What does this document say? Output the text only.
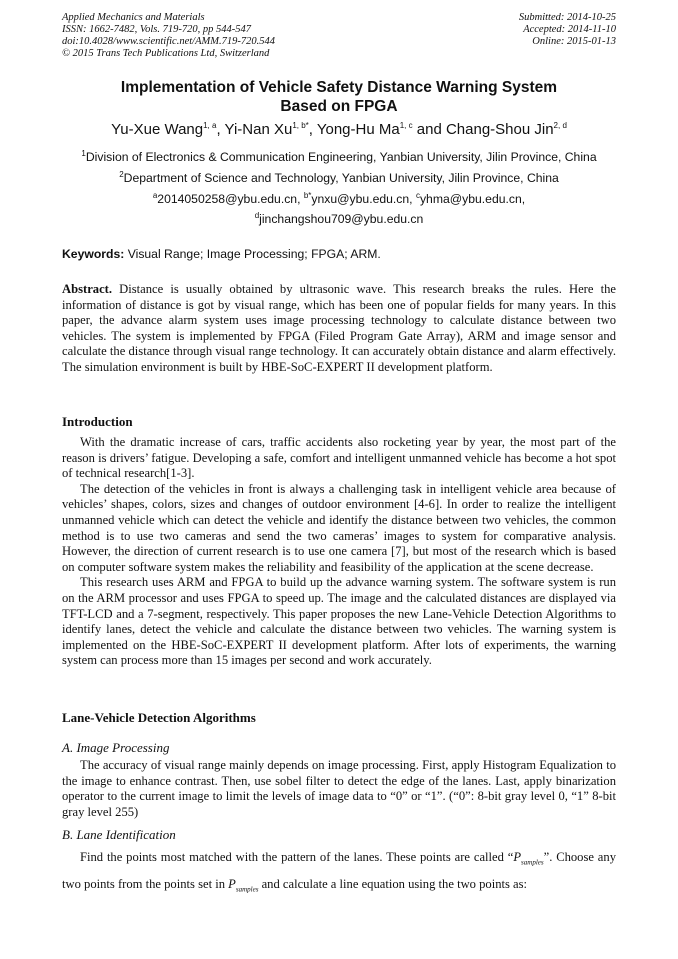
Applied Mechanics and Materials
ISSN: 1662-7482, Vols. 719-720, pp 544-547
doi:10.4028/www.scientific.net/AMM.719-720.544
© 2015 Trans Tech Publications Ltd, Switzerland
Submitted: 2014-10-25
Accepted: 2014-11-10
Online: 2015-01-13
Implementation of Vehicle Safety Distance Warning System
Based on FPGA
Yu-Xue Wang$^{1, a}$, Yi-Nan $Xu^{1, b*}$, Yong-Hu Ma$^{1, c}$ and Chang-Shou Jin$^{2, d}$
$^1$Division of Electronics & Communication Engineering, Yanbian University, Jilin Province, China
$^2$Department of Science and Technology, Yanbian University, Jilin Province, China
$^a$2014050258@ybu.edu.cn, $^{b*}$ynxu@ybu.edu.cn, $^c$yhma@ybu.edu.cn,
$^d$jinchangshou709@ybu.edu.cn
Keywords: Visual Range; Image Processing; FPGA; ARM.

Abstract. Distance is usually obtained by ultrasonic wave. This research breaks the rules. Here the information of distance is got by visual range, which has been one of popular fields for many years. In this paper, the advance alarm system uses image processing technology to calculate distance between two vehicles. The system is implemented by FPGA (Filed Program Gate Array), ARM and image sensor and calculate the distance through visual range technology. It can accurately obtain distance and alarm effectively. The simulation environment is built by HBE-SoC-EXPERT II development platform.

Introduction

With the dramatic increase of cars, traffic accidents also rocketing year by year, the most part of the reason is drivers’ fatigue. Developing a safe, comfort and intelligent unmanned vehicle has become a hot spot of technical research[1-3].

The detection of the vehicles in front is always a challenging task in intelligent vehicle area because of vehicles’ shapes, colors, sizes and changes of outdoor environment [4-6]. In order to realize the intelligent unmanned vehicle which can detect the vehicle and identify the distance between two vehicles, the common method is to use two cameras and send the two cameras’ images to system for comparative analysis. However, the direction of current research is to use one camera [7], but most of the research which is based on computer software system makes the reliability and feasibility of the application at the scene decrease.

This research uses ARM and FPGA to build up the advance warning system. The software system is run on the ARM processor and uses FPGA to speed up. The image and the calculated distances are displayed via TFT-LCD and a 7-segment, respectively. This paper proposes the new Lane-Vehicle Detection Algorithms to identify lanes, detect the vehicle and calculate the distance between two vehicles. The warning system is implemented on the HBE-SoC-EXPERT II development platform. After lots of experiments, the warning system can process more than 15 images per second and work accurately.

Lane-Vehicle Detection Algorithms
A. Image Processing

The accuracy of visual range mainly depends on image processing. First, apply Histogram Equalization to the image to enhance contrast. Then, use sobel filter to detect the edge of the lanes. Last, apply binarization operator to the current image to limit the levels of image data to “0” or “1”. (“0”: 8-bit gray level 0, “1” 8-bit gray level 255)

B. Lane Identification

Find the points most matched with the pattern of the lanes. These points are called “$P_{samples}$”. Choose any two points from the points set in $P_{samples}$ and calculate a line equation using the two points as:
